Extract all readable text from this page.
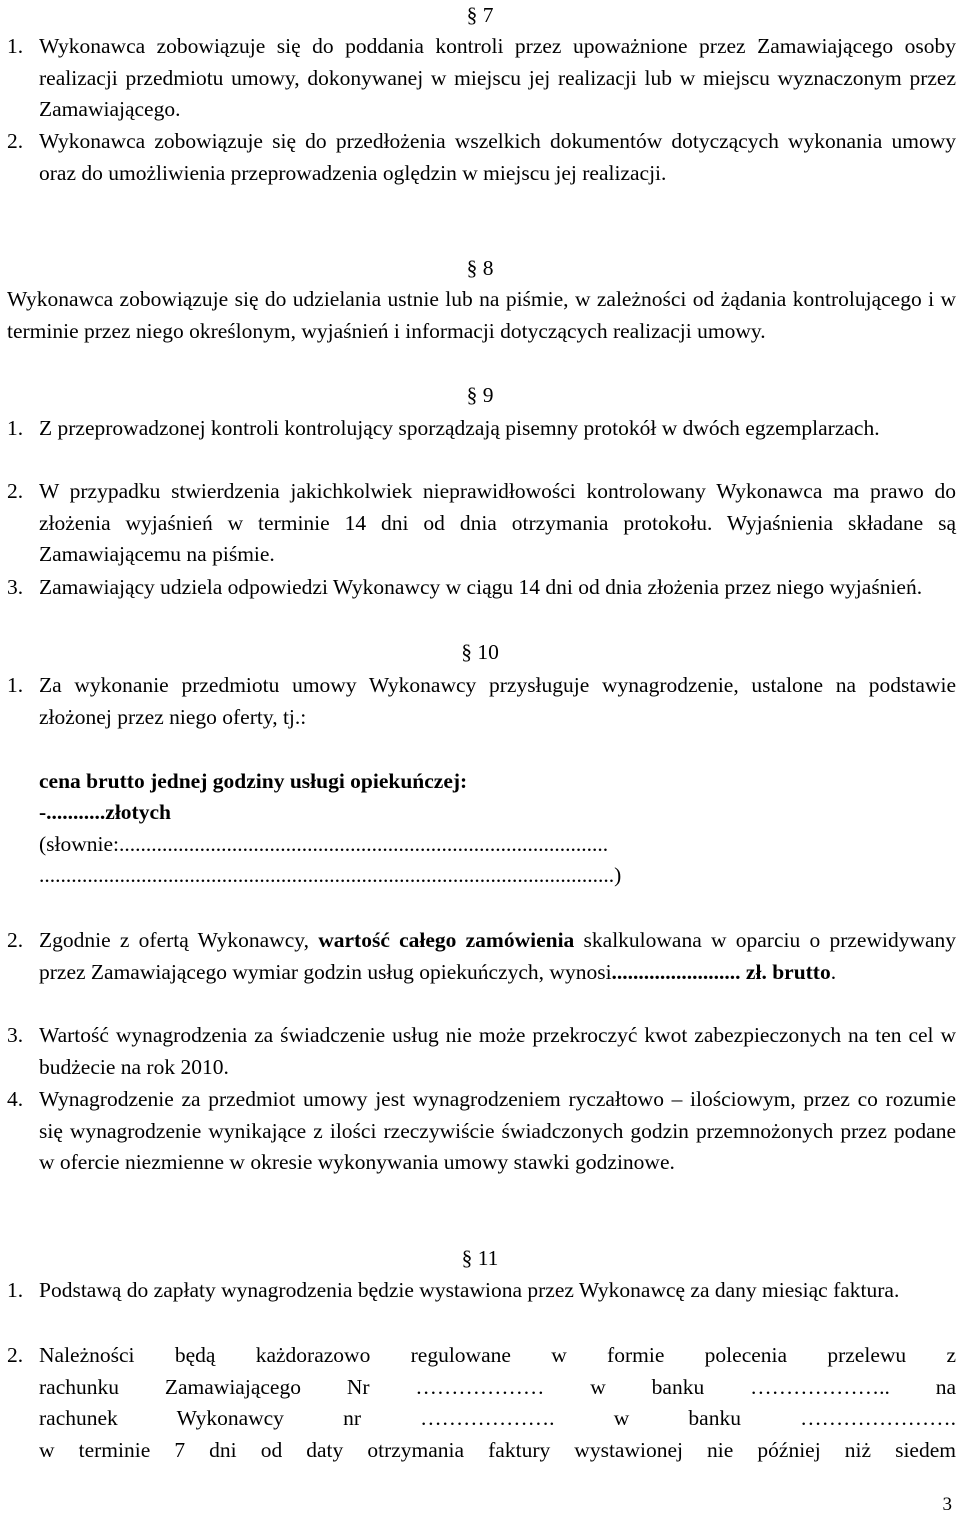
§ 7
1. Wykonawca zobowiązuje się do poddania kontroli przez upoważnione przez Zamawiającego osoby realizacji przedmiotu umowy, dokonywanej w miejscu jej realizacji lub w miejscu wyznaczonym przez Zamawiającego.
2. Wykonawca zobowiązuje się do przedłożenia wszelkich dokumentów dotyczących wykonania umowy oraz do umożliwienia przeprowadzenia oględzin w miejscu jej realizacji.
§ 8
Wykonawca zobowiązuje się do udzielania ustnie lub na piśmie, w zależności od żądania kontrolującego i w terminie przez niego określonym, wyjaśnień i informacji dotyczących realizacji umowy.
§ 9
1. Z przeprowadzonej kontroli kontrolujący sporządzają pisemny protokół w dwóch egzemplarzach.
2. W przypadku stwierdzenia jakichkolwiek nieprawidłowości kontrolowany Wykonawca ma prawo do złożenia wyjaśnień w terminie 14 dni od dnia otrzymania protokołu. Wyjaśnienia składane są Zamawiającemu na piśmie.
3. Zamawiający udziela odpowiedzi Wykonawcy w ciągu 14 dni od dnia złożenia przez niego wyjaśnień.
§ 10
1. Za wykonanie przedmiotu umowy Wykonawcy przysługuje wynagrodzenie, ustalone na podstawie złożonej przez niego oferty, tj.:
cena brutto jednej godziny usługi opiekuńczej:
-...........złotych
(słownie:...........................................................................................
...........................................................................................................)
2. Zgodnie z ofertą Wykonawcy, wartość całego zamówienia skalkulowana w oparciu o przewidywany przez Zamawiającego wymiar godzin usług opiekuńczych, wynosi........................ zł. brutto.
3. Wartość wynagrodzenia za świadczenie usług nie może przekroczyć kwot zabezpieczonych na ten cel w budżecie na rok 2010.
4. Wynagrodzenie za przedmiot umowy jest wynagrodzeniem ryczałtowo – ilościowym, przez co rozumie się wynagrodzenie wynikające z ilości rzeczywiście świadczonych godzin przemnożonych przez podane w ofercie niezmienne w okresie wykonywania umowy stawki godzinowe.
§ 11
1. Podstawą do zapłaty wynagrodzenia będzie wystawiona przez Wykonawcę za dany miesiąc faktura.
2. Należności będą każdorazowo regulowane w formie polecenia przelewu z
rachunku Zamawiającego Nr ……………… w banku ……………….. na
rachunek Wykonawcy nr ………………. w banku ………………….
w terminie 7 dni od daty otrzymania faktury wystawionej nie później niż siedem
3
